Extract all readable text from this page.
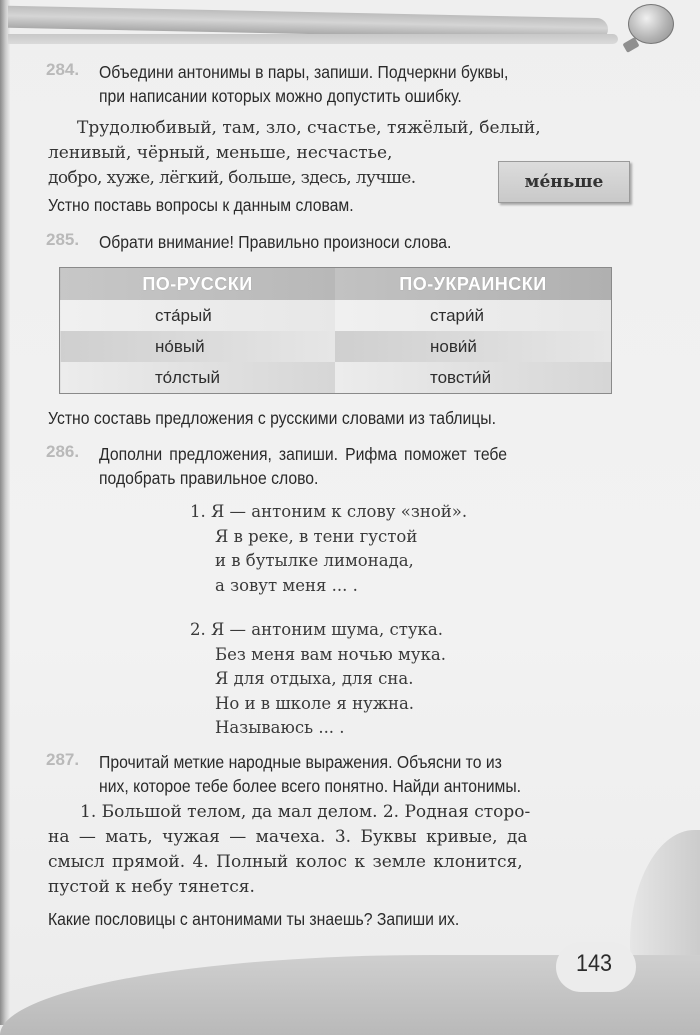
284. Объедини антонимы в пары, запиши. Подчеркни буквы,
при написании которых можно допустить ошибку.
Трудолюбивый, там, зло, счастье, тяжёлый, белый,
ленивый, чёрный, меньше, несчастье,
добро, хуже, лёгкий, больше, здесь, лучше.
Устно поставь вопросы к данным словам.
ме́ньше
285. Обрати внимание! Правильно произноси слова.
ПО-РУССКИ	ПО-УКРАИНСКИ
ста́рый	стари́й
но́вый	нови́й
то́лстый	товсти́й
Устно составь предложения с русскими словами из таблицы.
286. Дополни предложения, запиши. Рифма поможет тебе
подобрать правильное слово.
1. Я — антоним к слову «зной».
Я в реке, в тени густой
и в бутылке лимонада,
а зовут меня ... .
2. Я — антоним шума, стука.
Без меня вам ночью мука.
Я для отдыха, для сна.
Но и в школе я нужна.
Называюсь ... .
287. Прочитай меткие народные выражения. Объясни то из
них, которое тебе более всего понятно. Найди антонимы.
1. Большой телом, да мал делом. 2. Родная сторо-
на — мать, чужая — мачеха. 3. Буквы кривые, да
смысл прямой. 4. Полный колос к земле клонится,
пустой к небу тянется.
Какие пословицы с антонимами ты знаешь? Запиши их.
143
